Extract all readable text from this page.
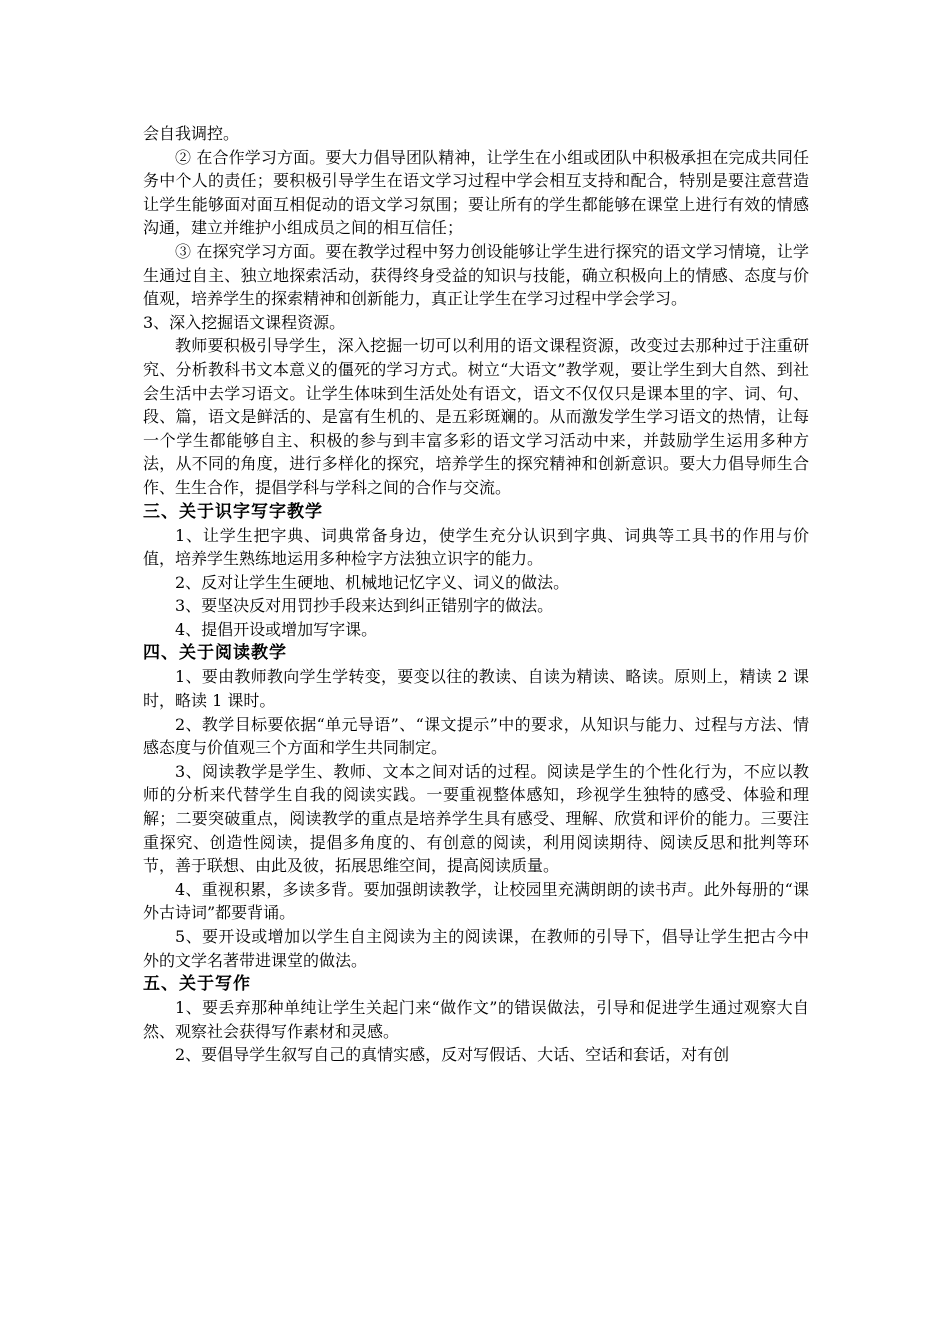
会自我调控。

② 在合作学习方面。要大力倡导团队精神，让学生在小组或团队中积极承担在完成共同任务中个人的责任；要积极引导学生在语文学习过程中学会相互支持和配合，特别是要注意营造让学生能够面对面互相促动的语文学习氛围；要让所有的学生都能够在课堂上进行有效的情感沟通，建立并维护小组成员之间的相互信任；

③ 在探究学习方面。要在教学过程中努力创设能够让学生进行探究的语文学习情境，让学生通过自主、独立地探索活动，获得终身受益的知识与技能，确立积极向上的情感、态度与价值观，培养学生的探索精神和创新能力，真正让学生在学习过程中学会学习。

3、深入挖掘语文课程资源。

教师要积极引导学生，深入挖掘一切可以利用的语文课程资源，改变过去那种过于注重研究、分析教科书文本意义的僵死的学习方式。树立“大语文”教学观，要让学生到大自然、到社会生活中去学习语文。让学生体味到生活处处有语文，语文不仅仅只是课本里的字、词、句、段、篇，语文是鲜活的、是富有生机的、是五彩斑斓的。从而激发学生学习语文的热情，让每一个学生都能够自主、积极的参与到丰富多彩的语文学习活动中来，并鼓励学生运用多种方法，从不同的角度，进行多样化的探究，培养学生的探究精神和创新意识。要大力倡导师生合作、生生合作，提倡学科与学科之间的合作与交流。

三、关于识字写字教学

1、让学生把字典、词典常备身边，使学生充分认识到字典、词典等工具书的作用与价值，培养学生熟练地运用多种检字方法独立识字的能力。

2、反对让学生生硬地、机械地记忆字义、词义的做法。

3、要坚决反对用罚抄手段来达到纠正错别字的做法。

4、提倡开设或增加写字课。

四、关于阅读教学

1、要由教师教向学生学转变，要变以往的教读、自读为精读、略读。原则上，精读 2 课时，略读 1 课时。

2、教学目标要依据“单元导语”、“课文提示”中的要求，从知识与能力、过程与方法、情感态度与价值观三个方面和学生共同制定。

3、阅读教学是学生、教师、文本之间对话的过程。阅读是学生的个性化行为，不应以教师的分析来代替学生自我的阅读实践。一要重视整体感知，珍视学生独特的感受、体验和理解；二要突破重点，阅读教学的重点是培养学生具有感受、理解、欣赏和评价的能力。三要注重探究、创造性阅读，提倡多角度的、有创意的阅读，利用阅读期待、阅读反思和批判等环节，善于联想、由此及彼，拓展思维空间，提高阅读质量。

4、重视积累，多读多背。要加强朗读教学，让校园里充满朗朗的读书声。此外每册的“课外古诗词”都要背诵。

5、要开设或增加以学生自主阅读为主的阅读课，在教师的引导下，倡导让学生把古今中外的文学名著带进课堂的做法。

五、关于写作

1、要丢弃那种单纯让学生关起门来“做作文”的错误做法，引导和促进学生通过观察大自然、观察社会获得写作素材和灵感。

2、要倡导学生叙写自己的真情实感，反对写假话、大话、空话和套话，对有创
